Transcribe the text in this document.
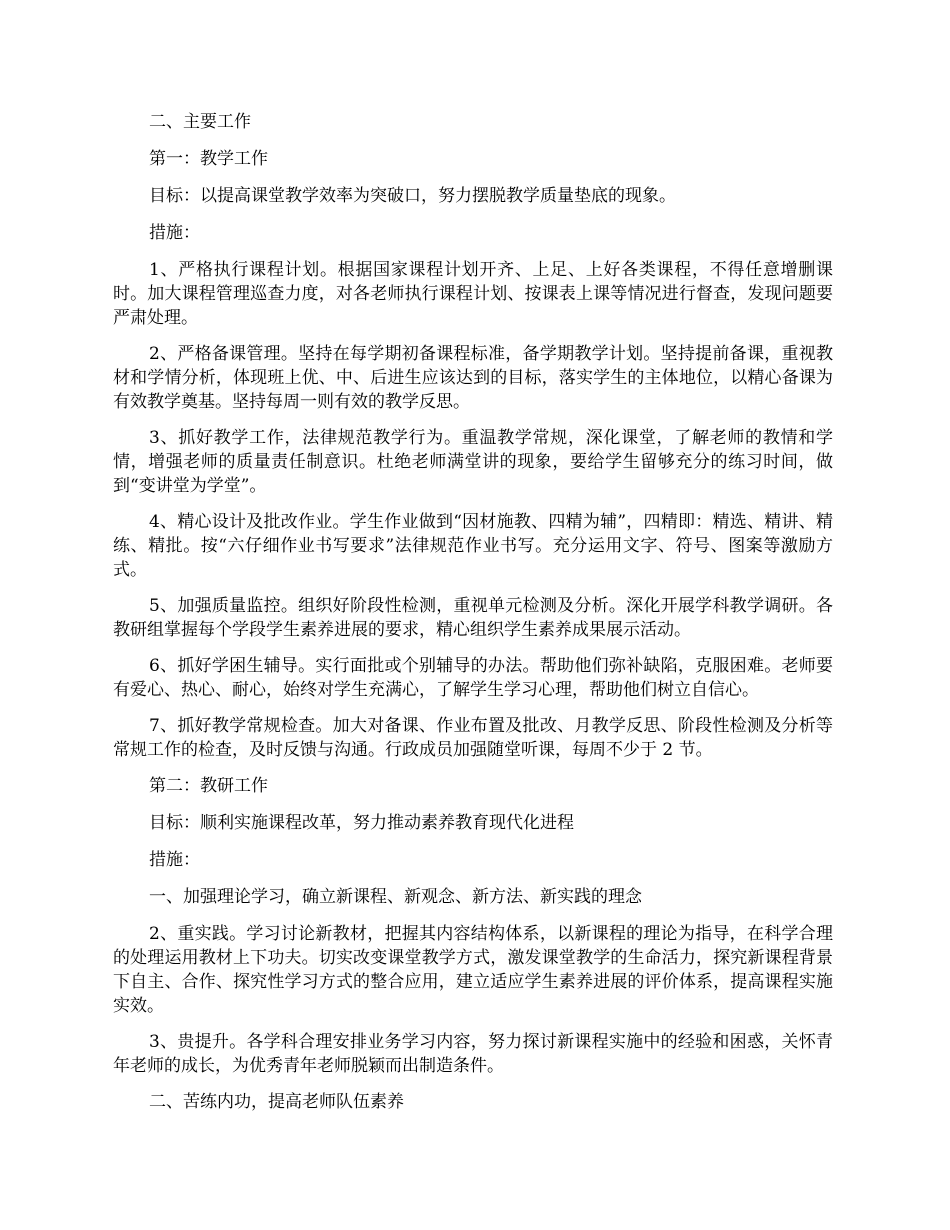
二、主要工作

第一：教学工作

目标：以提高课堂教学效率为突破口，努力摆脱教学质量垫底的现象。

措施：

1、严格执行课程计划。根据国家课程计划开齐、上足、上好各类课程，不得任意增删课时。加大课程管理巡查力度，对各老师执行课程计划、按课表上课等情况进行督查，发现问题要严肃处理。

2、严格备课管理。坚持在每学期初备课程标准，备学期教学计划。坚持提前备课，重视教材和学情分析，体现班上优、中、后进生应该达到的目标，落实学生的主体地位，以精心备课为有效教学奠基。坚持每周一则有效的教学反思。

3、抓好教学工作，法律规范教学行为。重温教学常规，深化课堂，了解老师的教情和学情，增强老师的质量责任制意识。杜绝老师满堂讲的现象，要给学生留够充分的练习时间，做到“变讲堂为学堂”。

4、精心设计及批改作业。学生作业做到“因材施教、四精为辅”，四精即：精选、精讲、精练、精批。按“六仔细作业书写要求”法律规范作业书写。充分运用文字、符号、图案等激励方式。

5、加强质量监控。组织好阶段性检测，重视单元检测及分析。深化开展学科教学调研。各教研组掌握每个学段学生素养进展的要求，精心组织学生素养成果展示活动。

6、抓好学困生辅导。实行面批或个别辅导的办法。帮助他们弥补缺陷，克服困难。老师要有爱心、热心、耐心，始终对学生充满心，了解学生学习心理，帮助他们树立自信心。

7、抓好教学常规检查。加大对备课、作业布置及批改、月教学反思、阶段性检测及分析等常规工作的检查，及时反馈与沟通。行政成员加强随堂听课，每周不少于 2 节。

第二：教研工作

目标：顺利实施课程改革，努力推动素养教育现代化进程

措施：

一、加强理论学习，确立新课程、新观念、新方法、新实践的理念

2、重实践。学习讨论新教材，把握其内容结构体系，以新课程的理论为指导，在科学合理的处理运用教材上下功夫。切实改变课堂教学方式，激发课堂教学的生命活力，探究新课程背景下自主、合作、探究性学习方式的整合应用，建立适应学生素养进展的评价体系，提高课程实施实效。

3、贵提升。各学科合理安排业务学习内容，努力探讨新课程实施中的经验和困惑，关怀青年老师的成长，为优秀青年老师脱颖而出制造条件。

二、苦练内功，提高老师队伍素养
